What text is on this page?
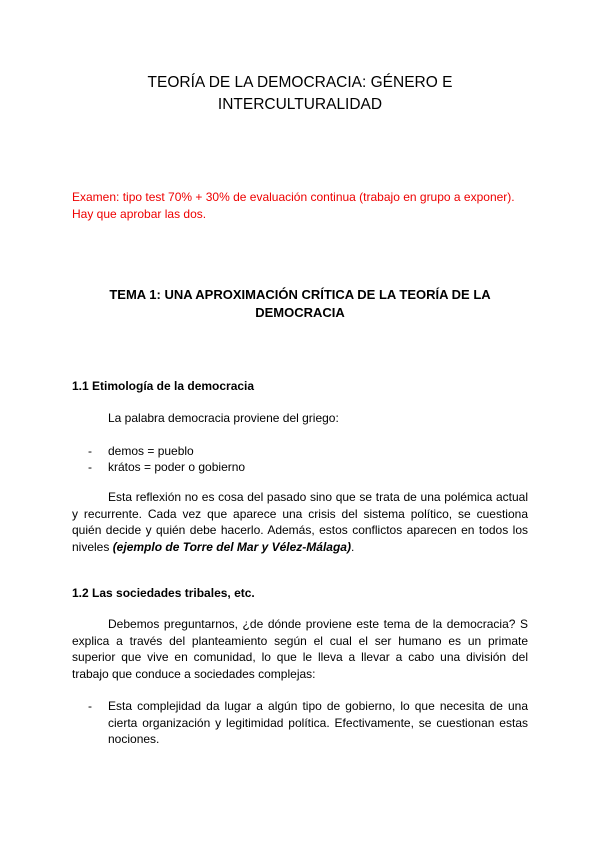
TEORÍA DE LA DEMOCRACIA: GÉNERO E
INTERCULTURALIDAD
Examen: tipo test 70% + 30% de evaluación continua (trabajo en grupo a exponer).
Hay que aprobar las dos.
TEMA 1: UNA APROXIMACIÓN CRÍTICA DE LA TEORÍA DE LA
DEMOCRACIA
1.1 Etimología de la democracia
La palabra democracia proviene del griego:
- demos = pueblo
- krátos = poder o gobierno
Esta reflexión no es cosa del pasado sino que se trata de una polémica actual y recurrente. Cada vez que aparece una crisis del sistema político, se cuestiona quién decide y quién debe hacerlo. Además, estos conflictos aparecen en todos los niveles (ejemplo de Torre del Mar y Vélez-Málaga).
1.2 Las sociedades tribales, etc.
Debemos preguntarnos, ¿de dónde proviene este tema de la democracia? S explica a través del planteamiento según el cual el ser humano es un primate superior que vive en comunidad, lo que le lleva a llevar a cabo una división del trabajo que conduce a sociedades complejas:
- Esta complejidad da lugar a algún tipo de gobierno, lo que necesita de una cierta organización y legitimidad política. Efectivamente, se cuestionan estas nociones.
